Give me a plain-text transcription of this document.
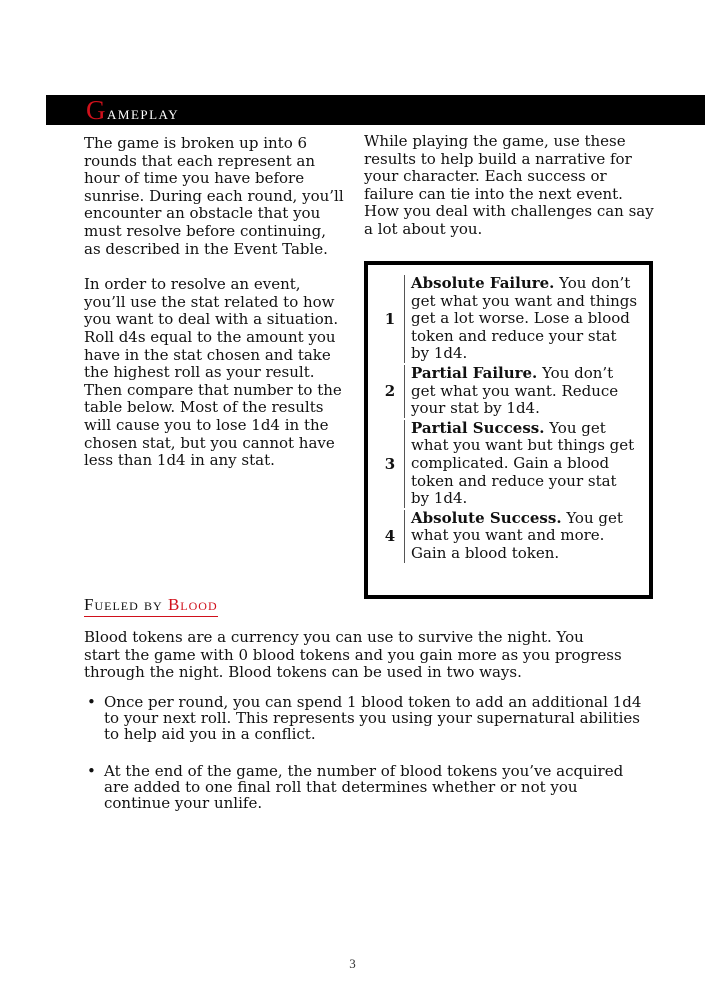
Gameplay

The game is broken up into 6 rounds that each represent an hour of time you have before sunrise. During each round, you’ll encounter an obstacle that you must resolve before continuing, as described in the Event Table.

In order to resolve an event, you’ll use the stat related to how you want to deal with a situation. Roll d4s equal to the amount you have in the stat chosen and take the highest roll as your result. Then compare that number to the table below. Most of the results will cause you to lose 1d4 in the chosen stat, but you cannot have less than 1d4 in any stat.

While playing the game, use these results to help build a narrative for your character. Each success or failure can tie into the next event. How you deal with challenges can say a lot about you.

1
Absolute Failure. You don’t get what you want and things get a lot worse. Lose a blood token and reduce your stat by 1d4.
2
Partial Failure. You don’t get what you want. Reduce your stat by 1d4.
3
Partial Success. You get what you want but things get complicated. Gain a blood token and reduce your stat by 1d4.
4
Absolute Success. You get what you want and more. Gain a blood token.
Fueled by Blood

Blood tokens are a currency you can use to survive the night. You start the game with 0 blood tokens and you gain more as you progress through the night. Blood tokens can be used in two ways.

• Once per round, you can spend 1 blood token to add an additional 1d4 to your next roll. This represents you using your supernatural abilities to help aid you in a conflict.
• At the end of the game, the number of blood tokens you’ve acquired are added to one final roll that determines whether or not you continue your unlife.
3
